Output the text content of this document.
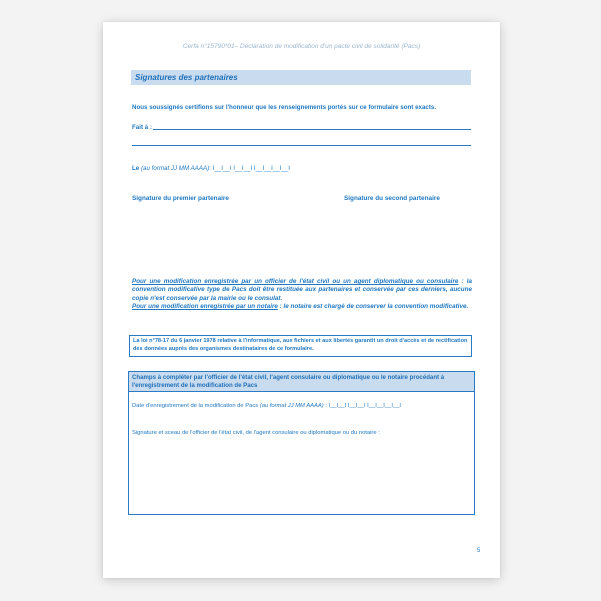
Cerfa n°15790*01– Déclaration de modification d'un pacte civil de solidarité (Pacs)
Signatures des partenaires
Nous soussignés certifions sur l'honneur que les renseignements portés sur ce formulaire sont exacts.
Fait à :
Le (au format JJ MM AAAA): I__I__I I__I__I I__I__I__I__I
Signature du premier partenaire	Signature du second partenaire
Pour une modification enregistrée par un officier de l'état civil ou un agent diplomatique ou consulaire : la convention modificative type de Pacs doit être restituée aux partenaires et conservée par ces derniers, aucune copie n'est conservée par la mairie ou le consulat.
Pour une modification enregistrée par un notaire : le notaire est chargé de conserver la convention modificative.
La loi n°78-17 du 6 janvier 1978 relative à l'informatique, aux fichiers et aux libertés garantit un droit d'accès et de rectification des données auprès des organismes destinataires de ce formulaire.
Champs à compléter par l'officier de l'état civil, l'agent consulaire ou diplomatique ou le notaire procédant à l'enregistrement de la modification de Pacs
Date d'enregistrement de la modification de Pacs (au format JJ MM AAAA) : I__I__I I__I__I I__I__I__I__I
Signature et sceau de l'officier de l'état civil, de l'agent consulaire ou diplomatique ou du notaire :
5
